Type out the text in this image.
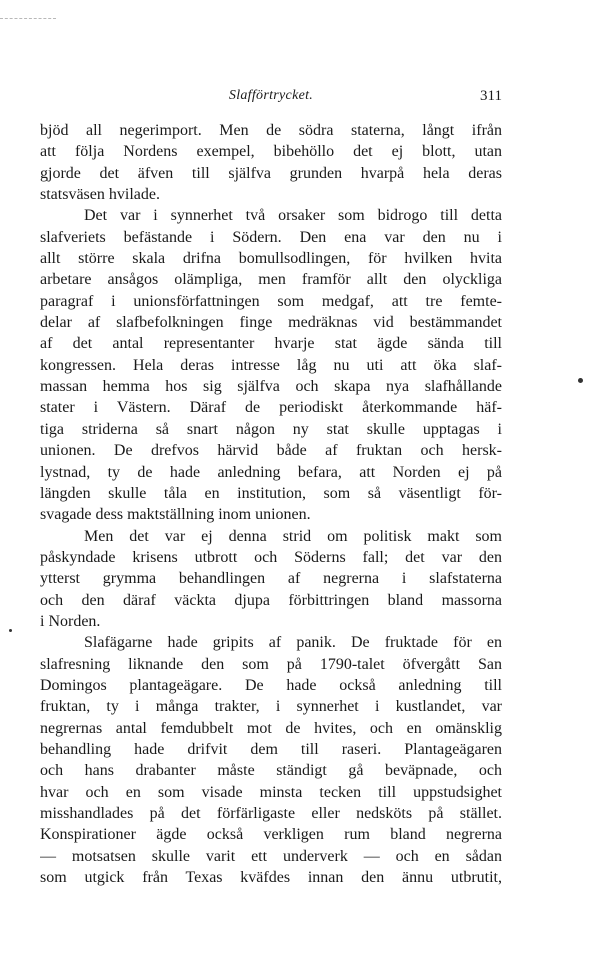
Slafförtrycket.	311
bjöd all negerimport. Men de södra staterna, långt ifrån
att följa Nordens exempel, bibehöllo det ej blott, utan
gjorde det äfven till själfva grunden hvarpå hela deras
statsväsen hvilade.
Det var i synnerhet två orsaker som bidrogo till detta
slafveriets befästande i Södern. Den ena var den nu i
allt större skala drifna bomullsodlingen, för hvilken hvita
arbetare ansågos olämpliga, men framför allt den olyckliga
paragraf i unionsförfattningen som medgaf, att tre femte-
delar af slafbefolkningen finge medräknas vid bestämmandet
af det antal representanter hvarje stat ägde sända till
kongressen. Hela deras intresse låg nu uti att öka slaf-
massan hemma hos sig själfva och skapa nya slafhållande
stater i Västern. Däraf de periodiskt återkommande häf-
tiga striderna så snart någon ny stat skulle upptagas i
unionen. De drefvos härvid både af fruktan och hersk-
lystnad, ty de hade anledning befara, att Norden ej på
längden skulle tåla en institution, som så väsentligt för-
svagade dess maktställning inom unionen.
Men det var ej denna strid om politisk makt som
påskyndade krisens utbrott och Söderns fall; det var den
ytterst grymma behandlingen af negrerna i slafstaterna
och den däraf väckta djupa förbittringen bland massorna
i Norden.
Slafägarne hade gripits af panik. De fruktade för en
slafresning liknande den som på 1790-talet öfvergått San
Domingos plantageägare. De hade också anledning till
fruktan, ty i många trakter, i synnerhet i kustlandet, var
negrernas antal femdubbelt mot de hvites, och en omänsklig
behandling hade drifvit dem till raseri. Plantageägaren
och hans drabanter måste ständigt gå beväpnade, och
hvar och en som visade minsta tecken till uppstudsighet
misshandlades på det förfärligaste eller nedsköts på stället.
Konspirationer ägde också verkligen rum bland negrerna
— motsatsen skulle varit ett underverk — och en sådan
som utgick från Texas kväfdes innan den ännu utbrutit,
